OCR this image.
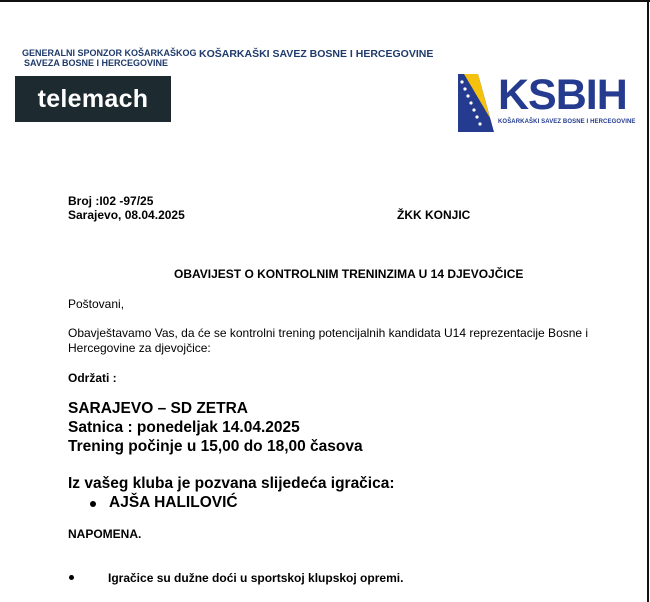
GENERALNI SPONZOR KOŠARKAŠKOG
SAVEZA BOSNE I HERCEGOVINE
KOŠARKAŠKI SAVEZ BOSNE I HERCEGOVINE
telemach	KSBIH
KOŠARKAŠKI SAVEZ BOSNE I HERCEGOVINE
Broj :I02 -97/25
Sarajevo, 08.04.2025	ŽKK KONJIC
OBAVIJEST O KONTROLNIM TRENINZIMA U 14 DJEVOJČICE
Poštovani,
Obavještavamo Vas, da će se kontrolni trening potencijalnih kandidata U14 reprezentacije Bosne i
Hercegovine za djevojčice:
Održati :
SARAJEVO – SD ZETRA
Satnica : ponedeljak 14.04.2025
Trening počinje u 15,00 do 18,00 časova
Iz vašeg kluba je pozvana slijedeća igračica:
AJŠA HALILOVIĆ
NAPOMENA.
Igračice su dužne doći u sportskoj klupskoj opremi.
